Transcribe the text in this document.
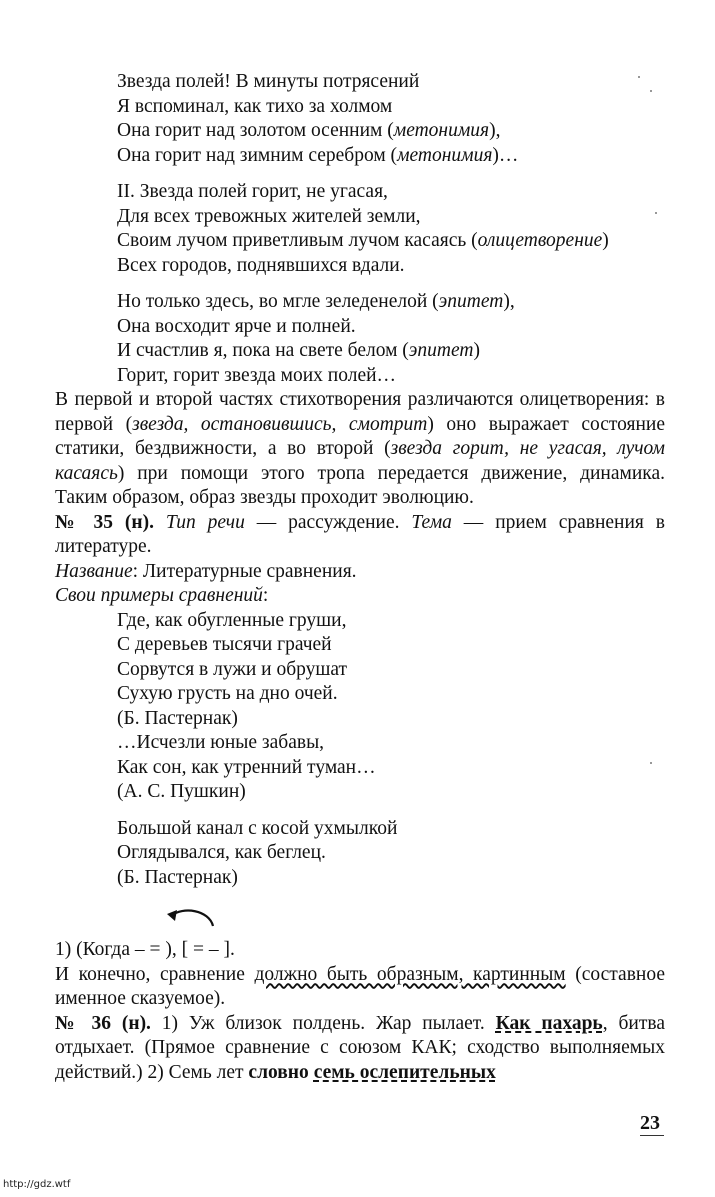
Звезда полей! В минуты потрясений
Я вспоминал, как тихо за холмом
Она горит над золотом осенним (метонимия),
Она горит над зимним серебром (метонимия)…
II. Звезда полей горит, не угасая,
Для всех тревожных жителей земли,
Своим лучом приветливым лучом касаясь (олицетворение)
Всех городов, поднявшихся вдали.
Но только здесь, во мгле зеледенелой (эпитет),
Она восходит ярче и полней.
И счастлив я, пока на свете белом (эпитет)
Горит, горит звезда моих полей…
В первой и второй частях стихотворения различаются олицетворения: в первой (звезда, остановившись, смотрит) оно выражает состояние статики, бездвижности, а во второй (звезда горит, не угасая, лучом касаясь) при помощи этого тропа передается движение, динамика. Таким образом, образ звезды проходит эволюцию.
№ 35 (н). Тип речи — рассуждение. Тема — прием сравнения в литературе.
Название: Литературные сравнения.
Свои примеры сравнений:
Где, как обугленные груши,
С деревьев тысячи грачей
Сорвутся в лужи и обрушат
Сухую грусть на дно очей.
(Б. Пастернак)
…Исчезли юные забавы,
Как сон, как утренний туман…
(А. С. Пушкин)
Большой канал с косой ухмылкой
Оглядывался, как беглец.
(Б. Пастернак)
1) (Когда – = ), [ = – ].
И конечно, сравнение должно быть образным, картинным (составное именное сказуемое).
№ 36 (н). 1) Уж близок полдень. Жар пылает. Как пахарь, битва отдыхает. (Прямое сравнение с союзом КАК; сходство выполняемых действий.) 2) Семь лет словно семь ослепительных
23
http://gdz.wtf
